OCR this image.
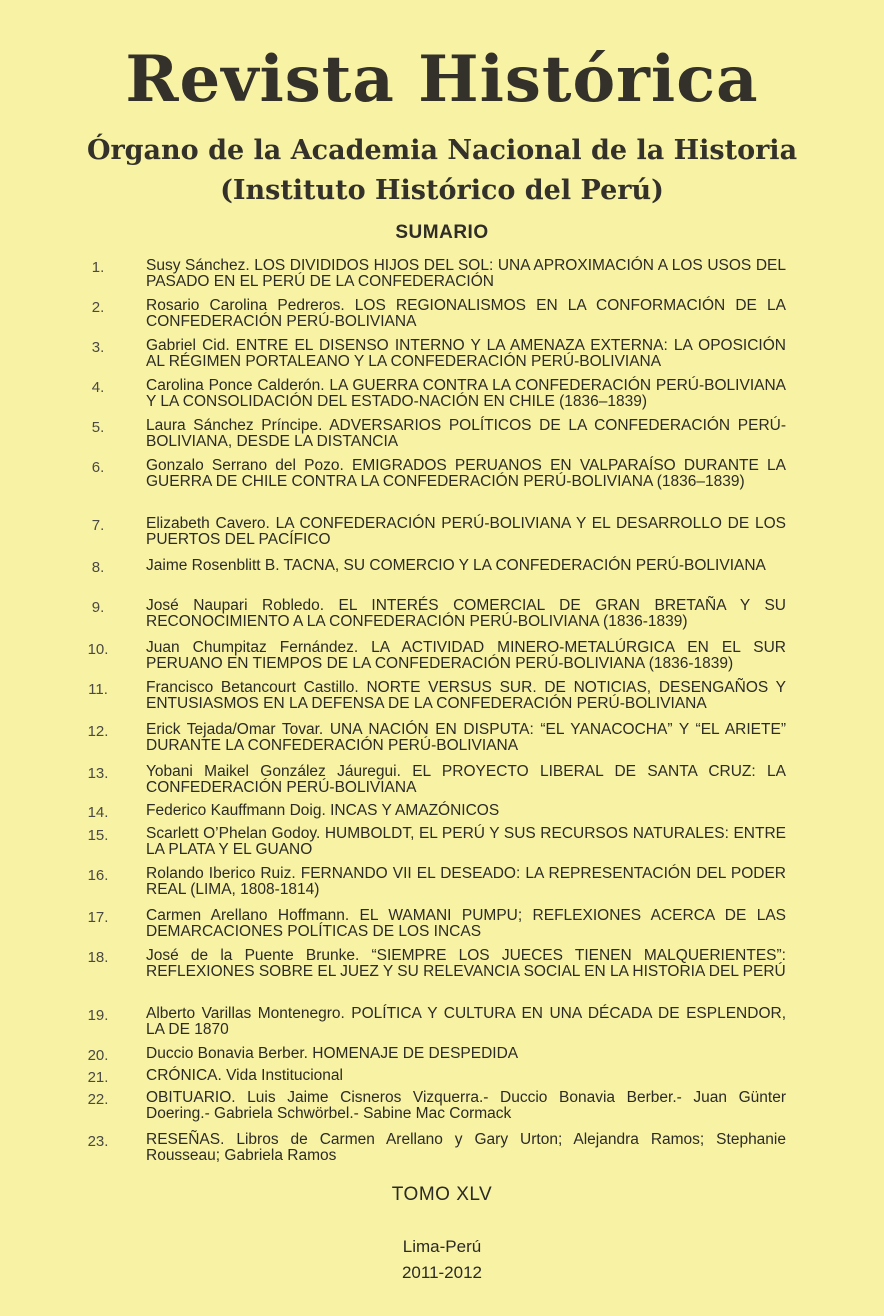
Revista Histórica
Órgano de la Academia Nacional de la Historia
(Instituto Histórico del Perú)
SUMARIO
1.	Susy Sánchez. LOS DIVIDIDOS HIJOS DEL SOL: UNA APROXIMACIÓN A LOS USOS DEL PASADO EN EL PERÚ DE LA CONFEDERACIÓN
2.	Rosario Carolina Pedreros. LOS REGIONALISMOS EN LA CONFORMACIÓN DE LA CONFEDERACIÓN PERÚ-BOLIVIANA
3.	Gabriel Cid. ENTRE EL DISENSO INTERNO Y LA AMENAZA EXTERNA: LA OPOSICIÓN AL RÉGIMEN PORTALEANO Y LA CONFEDERACIÓN PERÚ-BOLIVIANA
4.	Carolina Ponce Calderón. LA GUERRA CONTRA LA CONFEDERACIÓN PERÚ-BOLIVIANA Y LA CONSOLIDACIÓN DEL ESTADO-NACIÓN EN CHILE (1836–1839)
5.	Laura Sánchez Príncipe. ADVERSARIOS POLÍTICOS DE LA CONFEDERACIÓN PERÚ-BOLIVIANA, DESDE LA DISTANCIA
6.	Gonzalo Serrano del Pozo. EMIGRADOS PERUANOS EN VALPARAÍSO DURANTE LA GUERRA DE CHILE CONTRA LA CONFEDERACIÓN PERÚ-BOLIVIANA (1836–1839)
7.	Elizabeth Cavero. LA CONFEDERACIÓN PERÚ-BOLIVIANA Y EL DESARROLLO DE LOS PUERTOS DEL PACÍFICO
8.	Jaime Rosenblitt B. TACNA, SU COMERCIO Y LA CONFEDERACIÓN PERÚ-BOLIVIANA
9.	José Naupari Robledo. EL INTERÉS COMERCIAL DE GRAN BRETAÑA Y SU RECONOCIMIENTO A LA CONFEDERACIÓN PERÚ-BOLIVIANA (1836-1839)
10.	Juan Chumpitaz Fernández. LA ACTIVIDAD MINERO-METALÚRGICA EN EL SUR PERUANO EN TIEMPOS DE LA CONFEDERACIÓN PERÚ-BOLIVIANA (1836-1839)
11.	Francisco Betancourt Castillo. NORTE VERSUS SUR. DE NOTICIAS, DESENGAÑOS Y ENTUSIASMOS EN LA DEFENSA DE LA CONFEDERACIÓN PERÚ-BOLIVIANA
12.	Erick Tejada/Omar Tovar. UNA NACIÓN EN DISPUTA: “EL YANACOCHA” Y “EL ARIETE” DURANTE LA CONFEDERACIÓN PERÚ-BOLIVIANA
13.	Yobani Maikel González Jáuregui. EL PROYECTO LIBERAL DE SANTA CRUZ: LA CONFEDERACIÓN PERÚ-BOLIVIANA
14.	Federico Kauffmann Doig. INCAS Y AMAZÓNICOS
15.	Scarlett O’Phelan Godoy. HUMBOLDT, EL PERÚ Y SUS RECURSOS NATURALES: ENTRE LA PLATA Y EL GUANO
16.	Rolando Iberico Ruiz. FERNANDO VII EL DESEADO: LA REPRESENTACIÓN DEL PODER REAL (LIMA, 1808-1814)
17.	Carmen Arellano Hoffmann. EL WAMANI PUMPU; REFLEXIONES ACERCA DE LAS DEMARCACIONES POLÍTICAS DE LOS INCAS
18.	José de la Puente Brunke. “SIEMPRE LOS JUECES TIENEN MALQUERIENTES”: REFLEXIONES SOBRE EL JUEZ Y SU RELEVANCIA SOCIAL EN LA HISTORIA DEL PERÚ
19.	Alberto Varillas Montenegro. POLÍTICA Y CULTURA EN UNA DÉCADA DE ESPLENDOR, LA DE 1870
20.	Duccio Bonavia Berber. HOMENAJE DE DESPEDIDA
21.	CRÓNICA. Vida Institucional
22.	OBITUARIO. Luis Jaime Cisneros Vizquerra.- Duccio Bonavia Berber.- Juan Günter Doering.- Gabriela Schwörbel.- Sabine Mac Cormack
23.	RESEÑAS. Libros de Carmen Arellano y Gary Urton; Alejandra Ramos; Stephanie Rousseau; Gabriela Ramos
TOMO XLV
Lima-Perú
2011-2012
